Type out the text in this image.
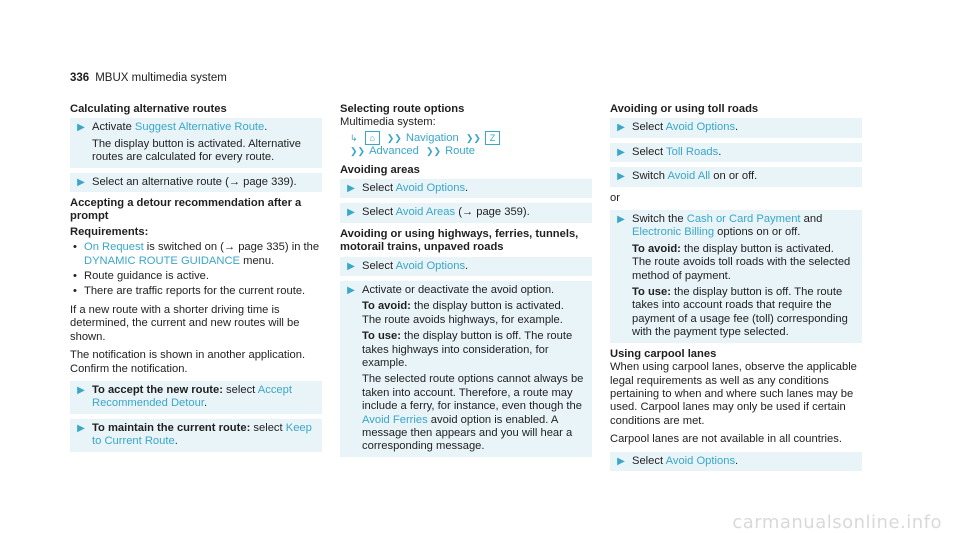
336 MBUX multimedia system
Calculating alternative routes
▶ Activate Suggest Alternative Route.

The display button is activated. Alternative routes are calculated for every route.

▶ Select an alternative route (→ page 339).

Accepting a detour recommendation after a prompt

Requirements:

• On Request is switched on (→ page 335) in the DYNAMIC ROUTE GUIDANCE menu.
• Route guidance is active.
• There are traffic reports for the current route.

If a new route with a shorter driving time is determined, the current and new routes will be shown.

The notification is shown in another application. Confirm the notification.

▶ To accept the new route: select Accept Recommended Detour.

▶ To maintain the current route: select Keep to Current Route.

Selecting route options

Multimedia system:

↳ ⌂ ❯❯ Navigation ❯❯ Z
❯❯ Advanced ❯❯ Route
Avoiding areas
▶ Select Avoid Options.

▶ Select Avoid Areas (→ page 359).

Avoiding or using highways, ferries, tunnels, motorail trains, unpaved roads
▶ Select Avoid Options.

▶ Activate or deactivate the avoid option.

To avoid: the display button is activated. The route avoids highways, for example.

To use: the display button is off. The route takes highways into consideration, for example.

The selected route options cannot always be taken into account. Therefore, a route may include a ferry, for instance, even though the Avoid Ferries avoid option is enabled. A message then appears and you will hear a corresponding message.

Avoiding or using toll roads
▶ Select Avoid Options.

▶ Select Toll Roads.

▶ Switch Avoid All on or off.

or

▶ Switch the Cash or Card Payment and Electronic Billing options on or off.

To avoid: the display button is activated. The route avoids toll roads with the selected method of payment.

To use: the display button is off. The route takes into account roads that require the payment of a usage fee (toll) corresponding with the payment type selected.

Using carpool lanes

When using carpool lanes, observe the applicable legal requirements as well as any conditions pertaining to when and where such lanes may be used. Carpool lanes may only be used if certain conditions are met.

Carpool lanes are not available in all countries.

▶ Select Avoid Options.

carmanualsonline.info
